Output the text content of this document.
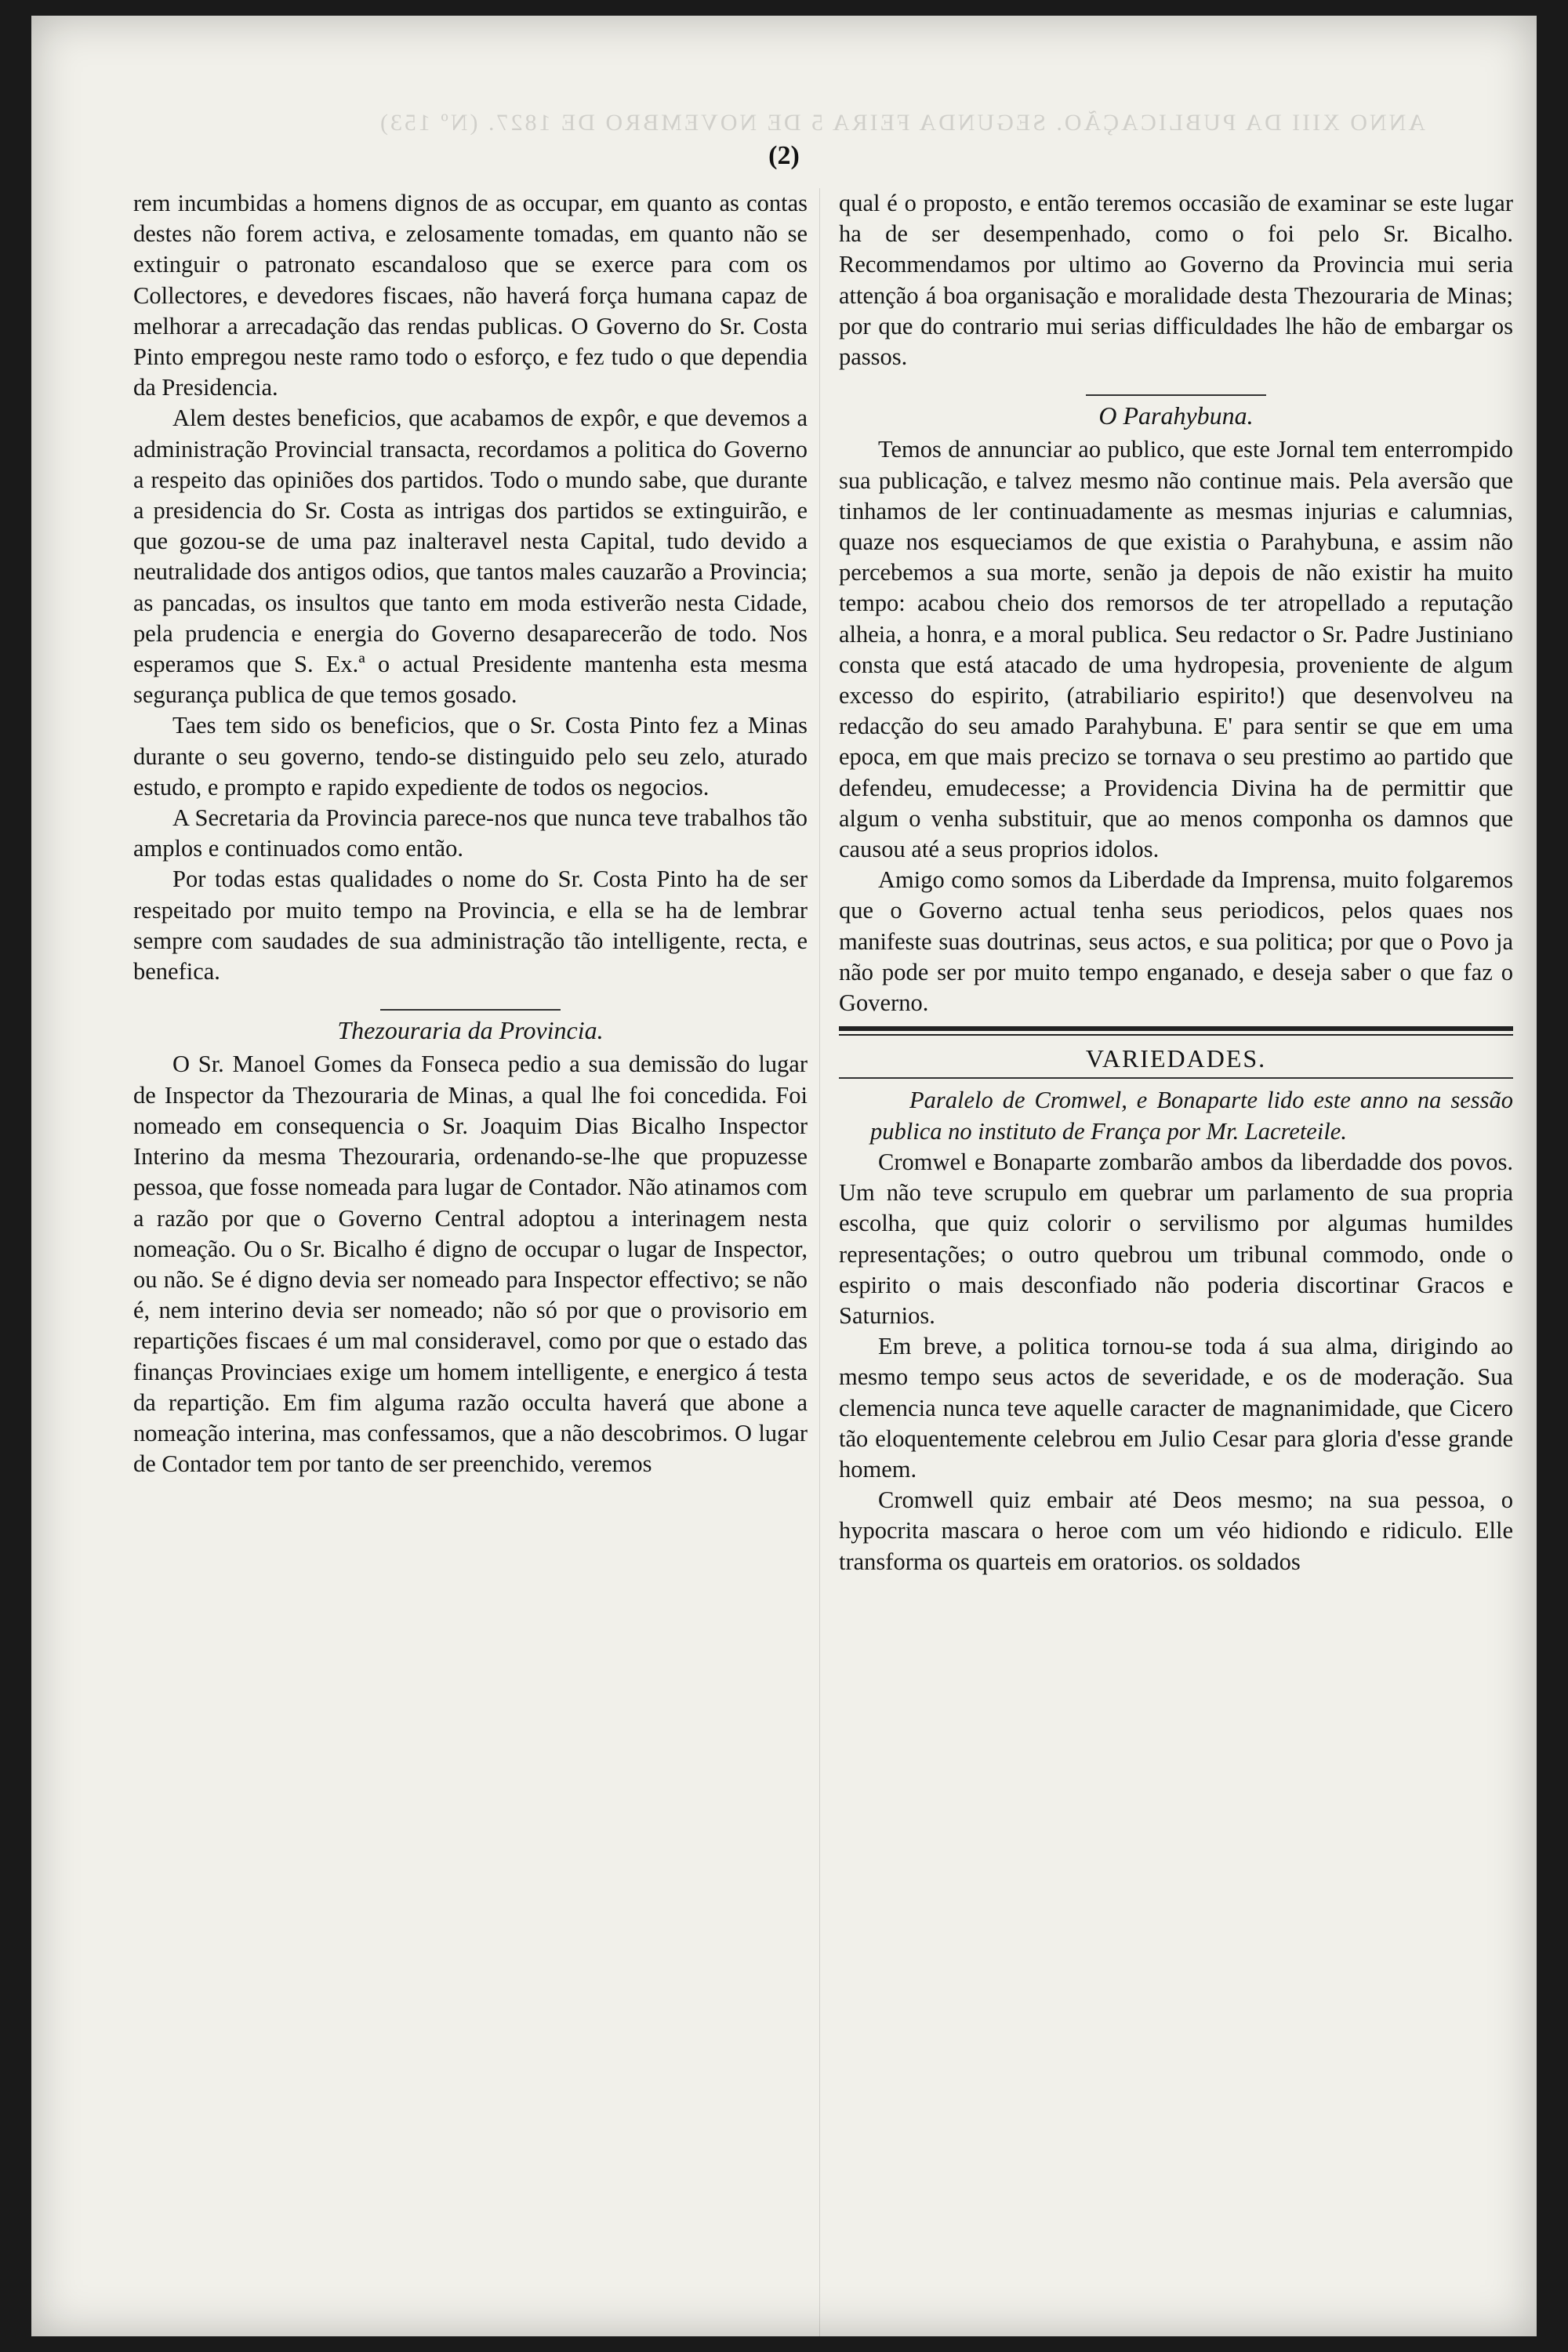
ANNO XIII DA PUBLICAÇÃO. SEGUNDA FEIRA 5 DE NOVEMBRO DE 1827. (Nº 153)
(2)

rem incumbidas a homens dignos de as occupar, em quanto as contas destes não forem activa, e zelosamente tomadas, em quanto não se extinguir o patronato escandaloso que se exerce para com os Collectores, e devedores fiscaes, não haverá força humana capaz de melhorar a arrecadação das rendas publicas. O Governo do Sr. Costa Pinto empregou neste ramo todo o esforço, e fez tudo o que dependia da Presidencia.

Alem destes beneficios, que acabamos de expôr, e que devemos a administração Provincial transacta, recordamos a politica do Governo a respeito das opiniões dos partidos. Todo o mundo sabe, que durante a presidencia do Sr. Costa as intrigas dos partidos se extinguirão, e que gozou-se de uma paz inalteravel nesta Capital, tudo devido a neutralidade dos antigos odios, que tantos males cauzarão a Provincia; as pancadas, os insultos que tanto em moda estiverão nesta Cidade, pela prudencia e energia do Governo desaparecerão de todo. Nos esperamos que S. Ex.ª o actual Presidente mantenha esta mesma segurança publica de que temos gosado.

Taes tem sido os beneficios, que o Sr. Costa Pinto fez a Minas durante o seu governo, tendo-se distinguido pelo seu zelo, aturado estudo, e prompto e rapido expediente de todos os negocios.

A Secretaria da Provincia parece-nos que nunca teve trabalhos tão amplos e continuados como então.

Por todas estas qualidades o nome do Sr. Costa Pinto ha de ser respeitado por muito tempo na Provincia, e ella se ha de lembrar sempre com saudades de sua administração tão intelligente, recta, e benefica.

Thezouraria da Provincia.

O Sr. Manoel Gomes da Fonseca pedio a sua demissão do lugar de Inspector da Thezouraria de Minas, a qual lhe foi concedida. Foi nomeado em consequencia o Sr. Joaquim Dias Bicalho Inspector Interino da mesma Thezouraria, ordenando-se-lhe que propuzesse pessoa, que fosse nomeada para lugar de Contador. Não atinamos com a razão por que o Governo Central adoptou a interinagem nesta nomeação. Ou o Sr. Bicalho é digno de occupar o lugar de Inspector, ou não. Se é digno devia ser nomeado para Inspector effectivo; se não é, nem interino devia ser nomeado; não só por que o provisorio em repartições fiscaes é um mal consideravel, como por que o estado das finanças Provinciaes exige um homem intelligente, e energico á testa da repartição. Em fim alguma razão occulta haverá que abone a nomeação interina, mas confessamos, que a não descobrimos. O lugar de Contador tem por tanto de ser preenchido, veremos

qual é o proposto, e então teremos occasião de examinar se este lugar ha de ser desempenhado, como o foi pelo Sr. Bicalho. Recommendamos por ultimo ao Governo da Provincia mui seria attenção á boa organisação e moralidade desta Thezouraria de Minas; por que do contrario mui serias difficuldades lhe hão de embargar os passos.

O Parahybuna.

Temos de annunciar ao publico, que este Jornal tem enterrompido sua publicação, e talvez mesmo não continue mais. Pela aversão que tinhamos de ler continuadamente as mesmas injurias e calumnias, quaze nos esqueciamos de que existia o Parahybuna, e assim não percebemos a sua morte, senão ja depois de não existir ha muito tempo: acabou cheio dos remorsos de ter atropellado a reputação alheia, a honra, e a moral publica. Seu redactor o Sr. Padre Justiniano consta que está atacado de uma hydropesia, proveniente de algum excesso do espirito, (atrabiliario espirito!) que desenvolveu na redacção do seu amado Parahybuna. E' para sentir se que em uma epoca, em que mais precizo se tornava o seu prestimo ao partido que defendeu, emudecesse; a Providencia Divina ha de permittir que algum o venha substituir, que ao menos componha os damnos que causou até a seus proprios idolos.

Amigo como somos da Liberdade da Imprensa, muito folgaremos que o Governo actual tenha seus periodicos, pelos quaes nos manifeste suas doutrinas, seus actos, e sua politica; por que o Povo ja não pode ser por muito tempo enganado, e deseja saber o que faz o Governo.

VARIEDADES.

Paralelo de Cromwel, e Bonaparte lido este anno na sessão publica no instituto de França por Mr. Lacreteile.

Cromwel e Bonaparte zombarão ambos da liberdadde dos povos. Um não teve scrupulo em quebrar um parlamento de sua propria escolha, que quiz colorir o servilismo por algumas humildes representações; o outro quebrou um tribunal commodo, onde o espirito o mais desconfiado não poderia discortinar Gracos e Saturnios.

Em breve, a politica tornou-se toda á sua alma, dirigindo ao mesmo tempo seus actos de severidade, e os de moderação. Sua clemencia nunca teve aquelle caracter de magnanimidade, que Cicero tão eloquentemente celebrou em Julio Cesar para gloria d'esse grande homem.

Cromwell quiz embair até Deos mesmo; na sua pessoa, o hypocrita mascara o heroe com um véo hidiondo e ridiculo. Elle transforma os quarteis em oratorios. os soldados
